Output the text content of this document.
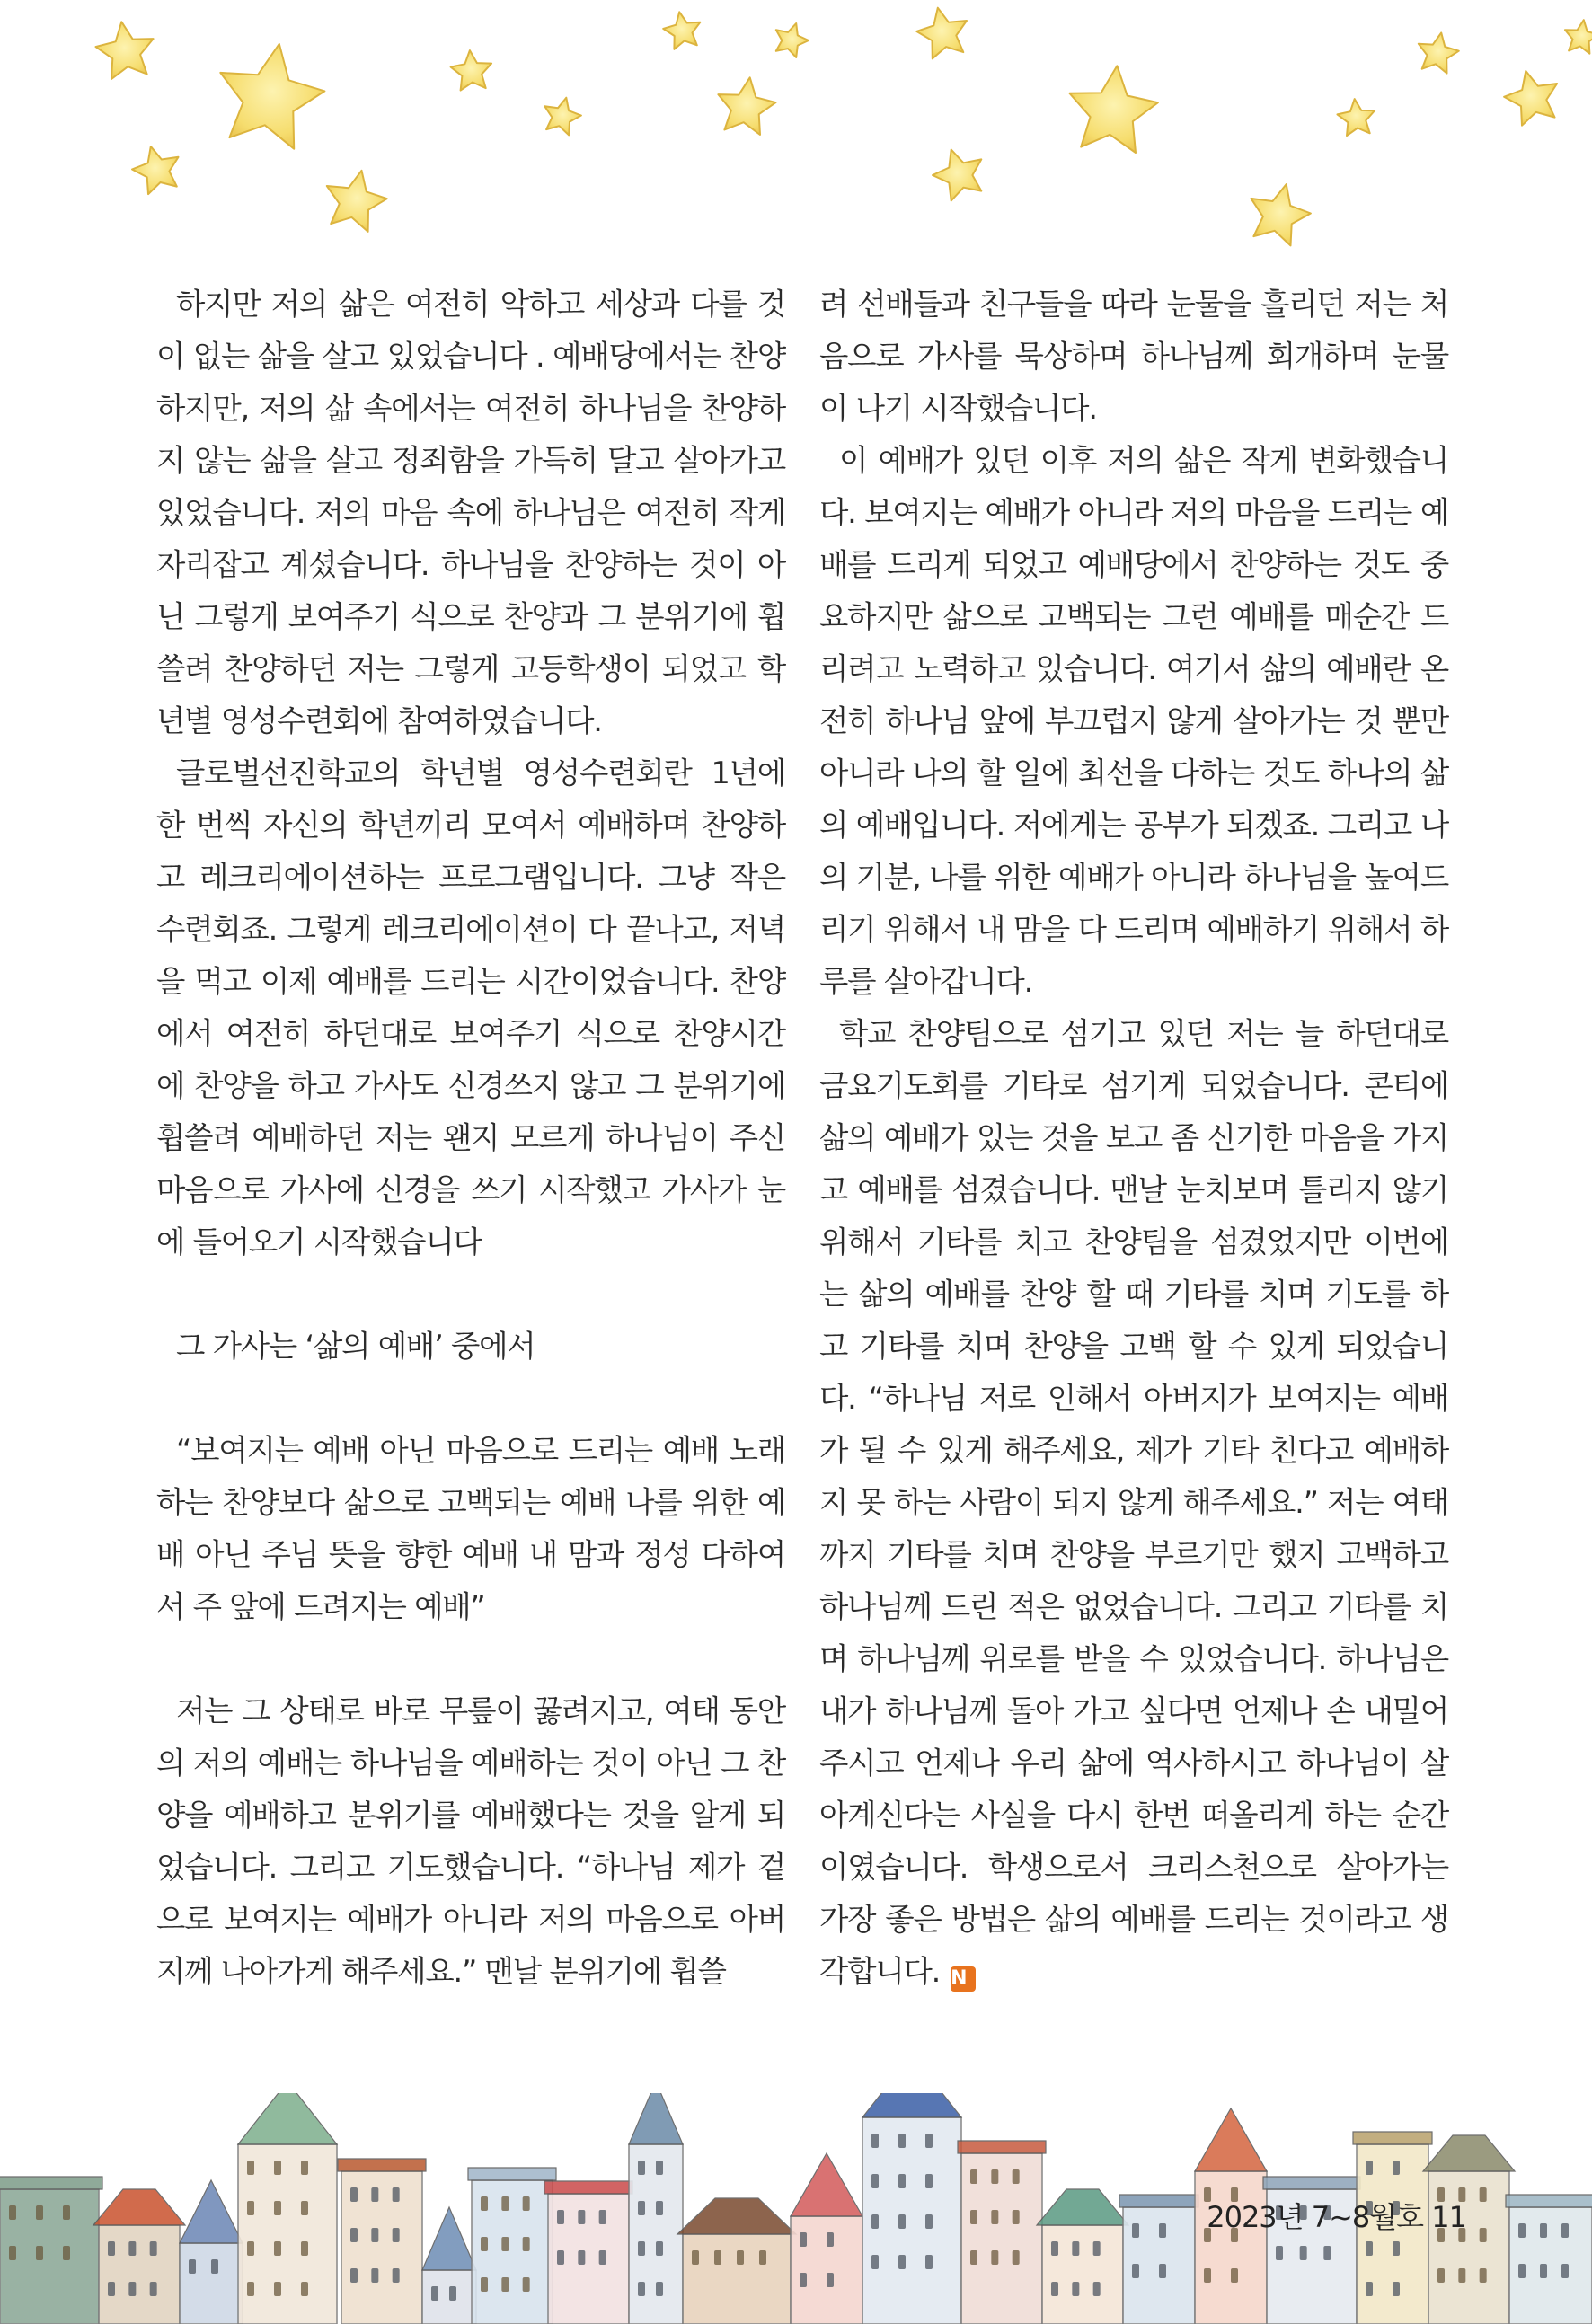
하지만 저의 삶은 여전히 악하고 세상과 다를 것이 없는 삶을 살고 있었습니다 . 예배당에서는 찬양하지만, 저의 삶 속에서는 여전히 하나님을 찬양하지 않는 삶을 살고 정죄함을 가득히 달고 살아가고 있었습니다. 저의 마음 속에 하나님은 여전히 작게 자리잡고 계셨습니다. 하나님을 찬양하는 것이 아닌 그렇게 보여주기 식으로 찬양과 그 분위기에 휩쓸려 찬양하던 저는 그렇게 고등학생이 되었고 학년별 영성수련회에 참여하였습니다.

글로벌선진학교의 학년별 영성수련회란 1년에 한 번씩 자신의 학년끼리 모여서 예배하며 찬양하고 레크리에이션하는 프로그램입니다. 그냥 작은 수련회죠. 그렇게 레크리에이션이 다 끝나고, 저녁을 먹고 이제 예배를 드리는 시간이었습니다. 찬양에서 여전히 하던대로 보여주기 식으로 찬양시간에 찬양을 하고 가사도 신경쓰지 않고 그 분위기에 휩쓸려 예배하던 저는 왠지 모르게 하나님이 주신 마음으로 가사에 신경을 쓰기 시작했고 가사가 눈에 들어오기 시작했습니다

그 가사는 ‘삶의 예배’ 중에서

“보여지는 예배 아닌 마음으로 드리는 예배 노래하는 찬양보다 삶으로 고백되는 예배 나를 위한 예배 아닌 주님 뜻을 향한 예배 내 맘과 정성 다하여서 주 앞에 드려지는 예배”

저는 그 상태로 바로 무릎이 꿇려지고, 여태 동안의 저의 예배는 하나님을 예배하는 것이 아닌 그 찬양을 예배하고 분위기를 예배했다는 것을 알게 되었습니다. 그리고 기도했습니다. “하나님 제가 겉으로 보여지는 예배가 아니라 저의 마음으로 아버지께 나아가게 해주세요.” 맨날 분위기에 휩쓸

려 선배들과 친구들을 따라 눈물을 흘리던 저는 처음으로 가사를 묵상하며 하나님께 회개하며 눈물이 나기 시작했습니다.

이 예배가 있던 이후 저의 삶은 작게 변화했습니다. 보여지는 예배가 아니라 저의 마음을 드리는 예배를 드리게 되었고 예배당에서 찬양하는 것도 중요하지만 삶으로 고백되는 그런 예배를 매순간 드리려고 노력하고 있습니다. 여기서 삶의 예배란 온전히 하나님 앞에 부끄럽지 않게 살아가는 것 뿐만 아니라 나의 할 일에 최선을 다하는 것도 하나의 삶의 예배입니다. 저에게는 공부가 되겠죠. 그리고 나의 기분, 나를 위한 예배가 아니라 하나님을 높여드리기 위해서 내 맘을 다 드리며 예배하기 위해서 하루를 살아갑니다.

학교 찬양팀으로 섬기고 있던 저는 늘 하던대로 금요기도회를 기타로 섬기게 되었습니다. 콘티에 삶의 예배가 있는 것을 보고 좀 신기한 마음을 가지고 예배를 섬겼습니다. 맨날 눈치보며 틀리지 않기 위해서 기타를 치고 찬양팀을 섬겼었지만 이번에는 삶의 예배를 찬양 할 때 기타를 치며 기도를 하고 기타를 치며 찬양을 고백 할 수 있게 되었습니다. “하나님 저로 인해서 아버지가 보여지는 예배가 될 수 있게 해주세요, 제가 기타 친다고 예배하지 못 하는 사람이 되지 않게 해주세요.” 저는 여태까지 기타를 치며 찬양을 부르기만 했지 고백하고 하나님께 드린 적은 없었습니다. 그리고 기타를 치며 하나님께 위로를 받을 수 있었습니다. 하나님은 내가 하나님께 돌아 가고 싶다면 언제나 손 내밀어 주시고 언제나 우리 삶에 역사하시고 하나님이 살아계신다는 사실을 다시 한번 떠올리게 하는 순간이였습니다. 학생으로서 크리스천으로 살아가는 가장 좋은 방법은 삶의 예배를 드리는 것이라고 생각합니다. N

2023년 7~8월호 11
